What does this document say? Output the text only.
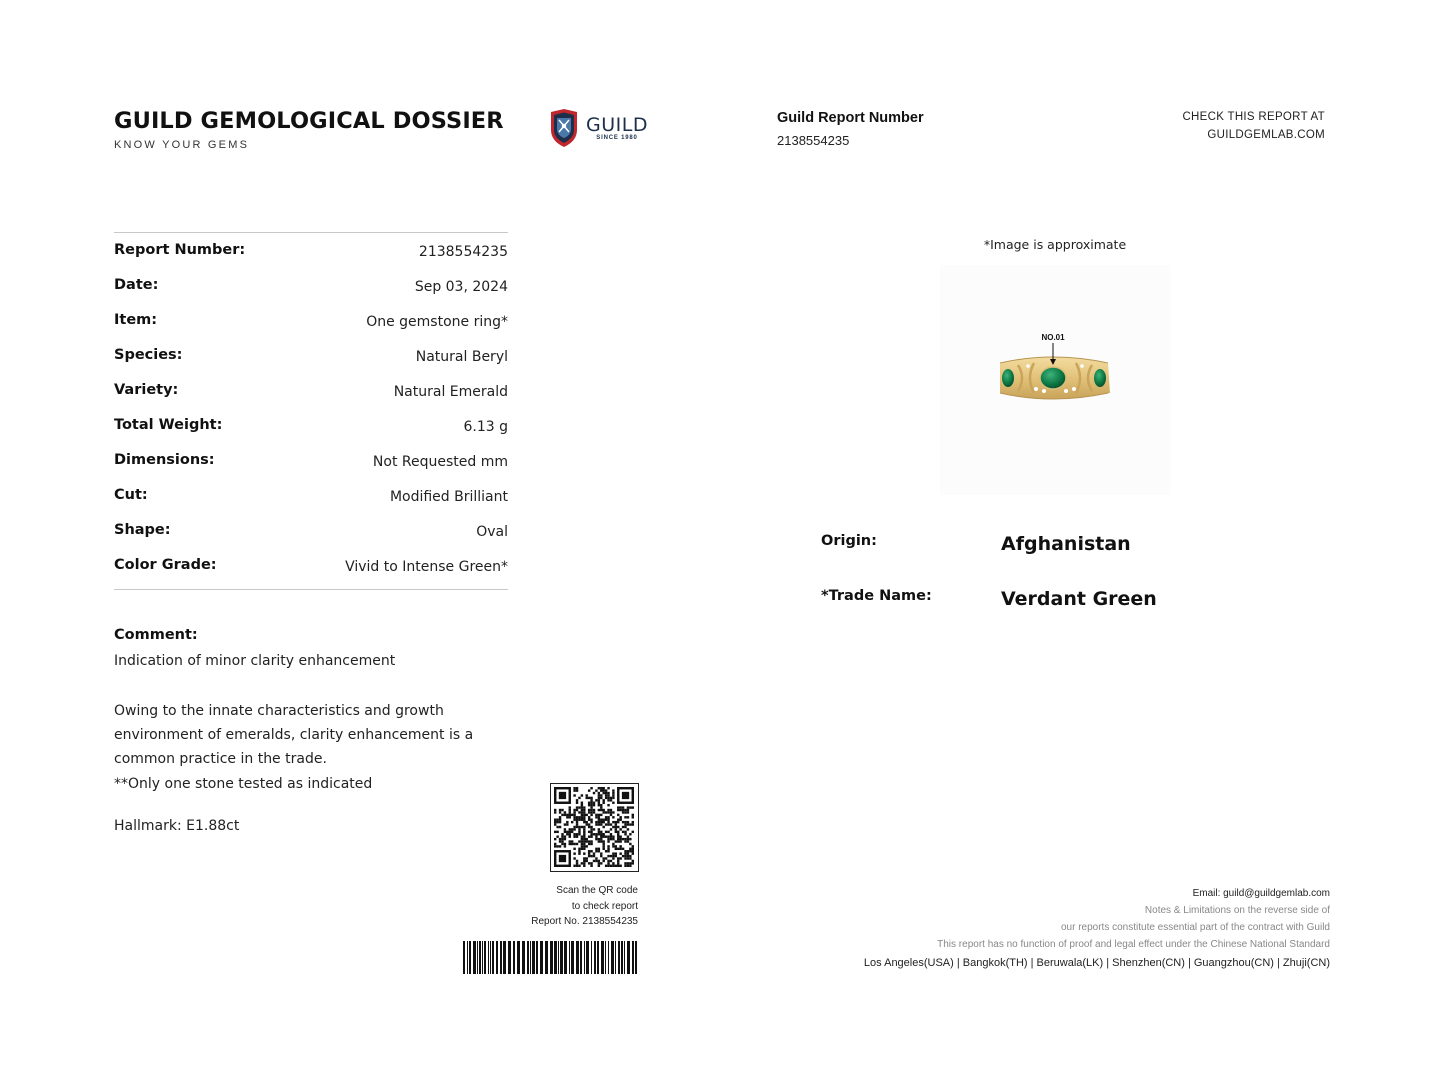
GUILD GEMOLOGICAL DOSSIER
KNOW YOUR GEMS
GUILD
SINCE 1980
Guild Report Number
2138554235
CHECK THIS REPORT AT
GUILDGEMLAB.COM
Report Number:	2138554235
Date:	Sep 03, 2024
Item:	One gemstone ring*
Species:	Natural Beryl
Variety:	Natural Emerald
Total Weight:	6.13 g
Dimensions:	Not Requested mm
Cut:	Modified Brilliant
Shape:	Oval
Color Grade:	Vivid to Intense Green*
Comment:
Indication of minor clarity enhancement
Owing to the innate characteristics and growth
environment of emeralds, clarity enhancement is a
common practice in the trade.
**Only one stone tested as indicated
Hallmark: E1.88ct
Scan the QR code
to check report
Report No. 2138554235
*Image is approximate
NO.01
Origin:	Afghanistan
*Trade Name:	Verdant Green
Email: guild@guildgemlab.com
Notes & Limitations on the reverse side of
our reports constitute essential part of the contract with Guild
This report has no function of proof and legal effect under the Chinese National Standard
Los Angeles(USA) | Bangkok(TH) | Beruwala(LK) | Shenzhen(CN) | Guangzhou(CN) | Zhuji(CN)
